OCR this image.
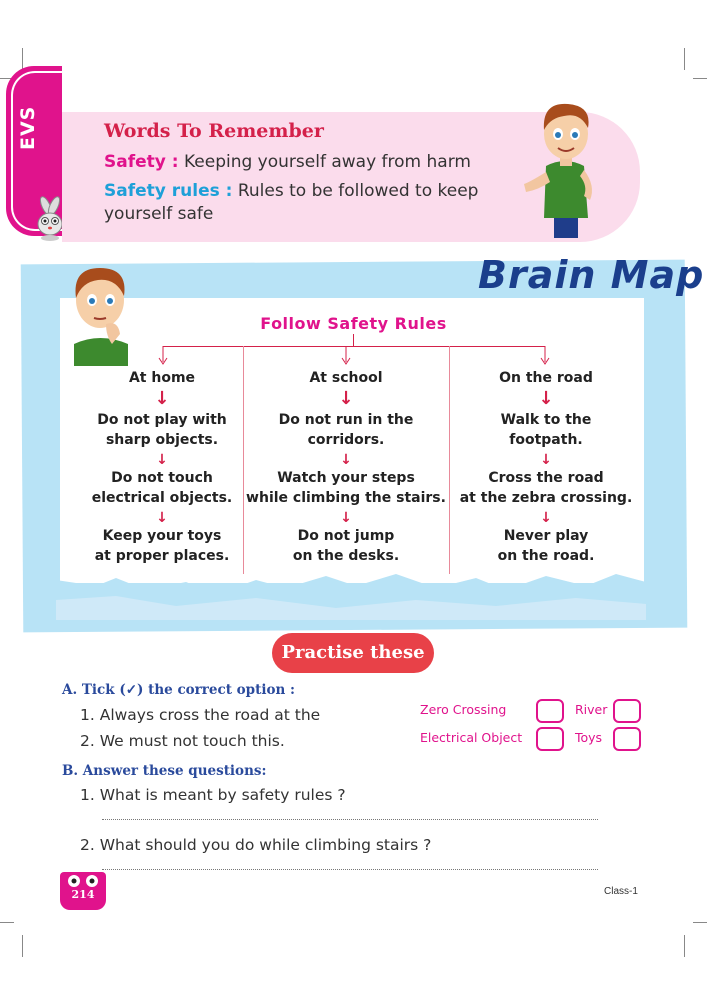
EVS	Words To Remember
Safety : Keeping yourself away from harm
Safety rules : Rules to be followed to keep
yourself safe
Brain Map
Follow Safety Rules
At home
↓
Do not play with
sharp objects.
↓
Do not touch
electrical objects.
↓
Keep your toys
at proper places.
At school
↓
Do not run in the
corridors.
↓
Watch your steps
while climbing the stairs.
↓
Do not jump
on the desks.
On the road
↓
Walk to the
footpath.
↓
Cross the road
at the zebra crossing.
↓
Never play
on the road.
Practise these
A. Tick (✓) the correct option :
1. Always cross the road at the
2. We must not touch this.
Zero Crossing	River
Electrical Object	Toys
B. Answer these questions:
1. What is meant by safety rules ?
2. What should you do while climbing stairs ?
214	Class-1
